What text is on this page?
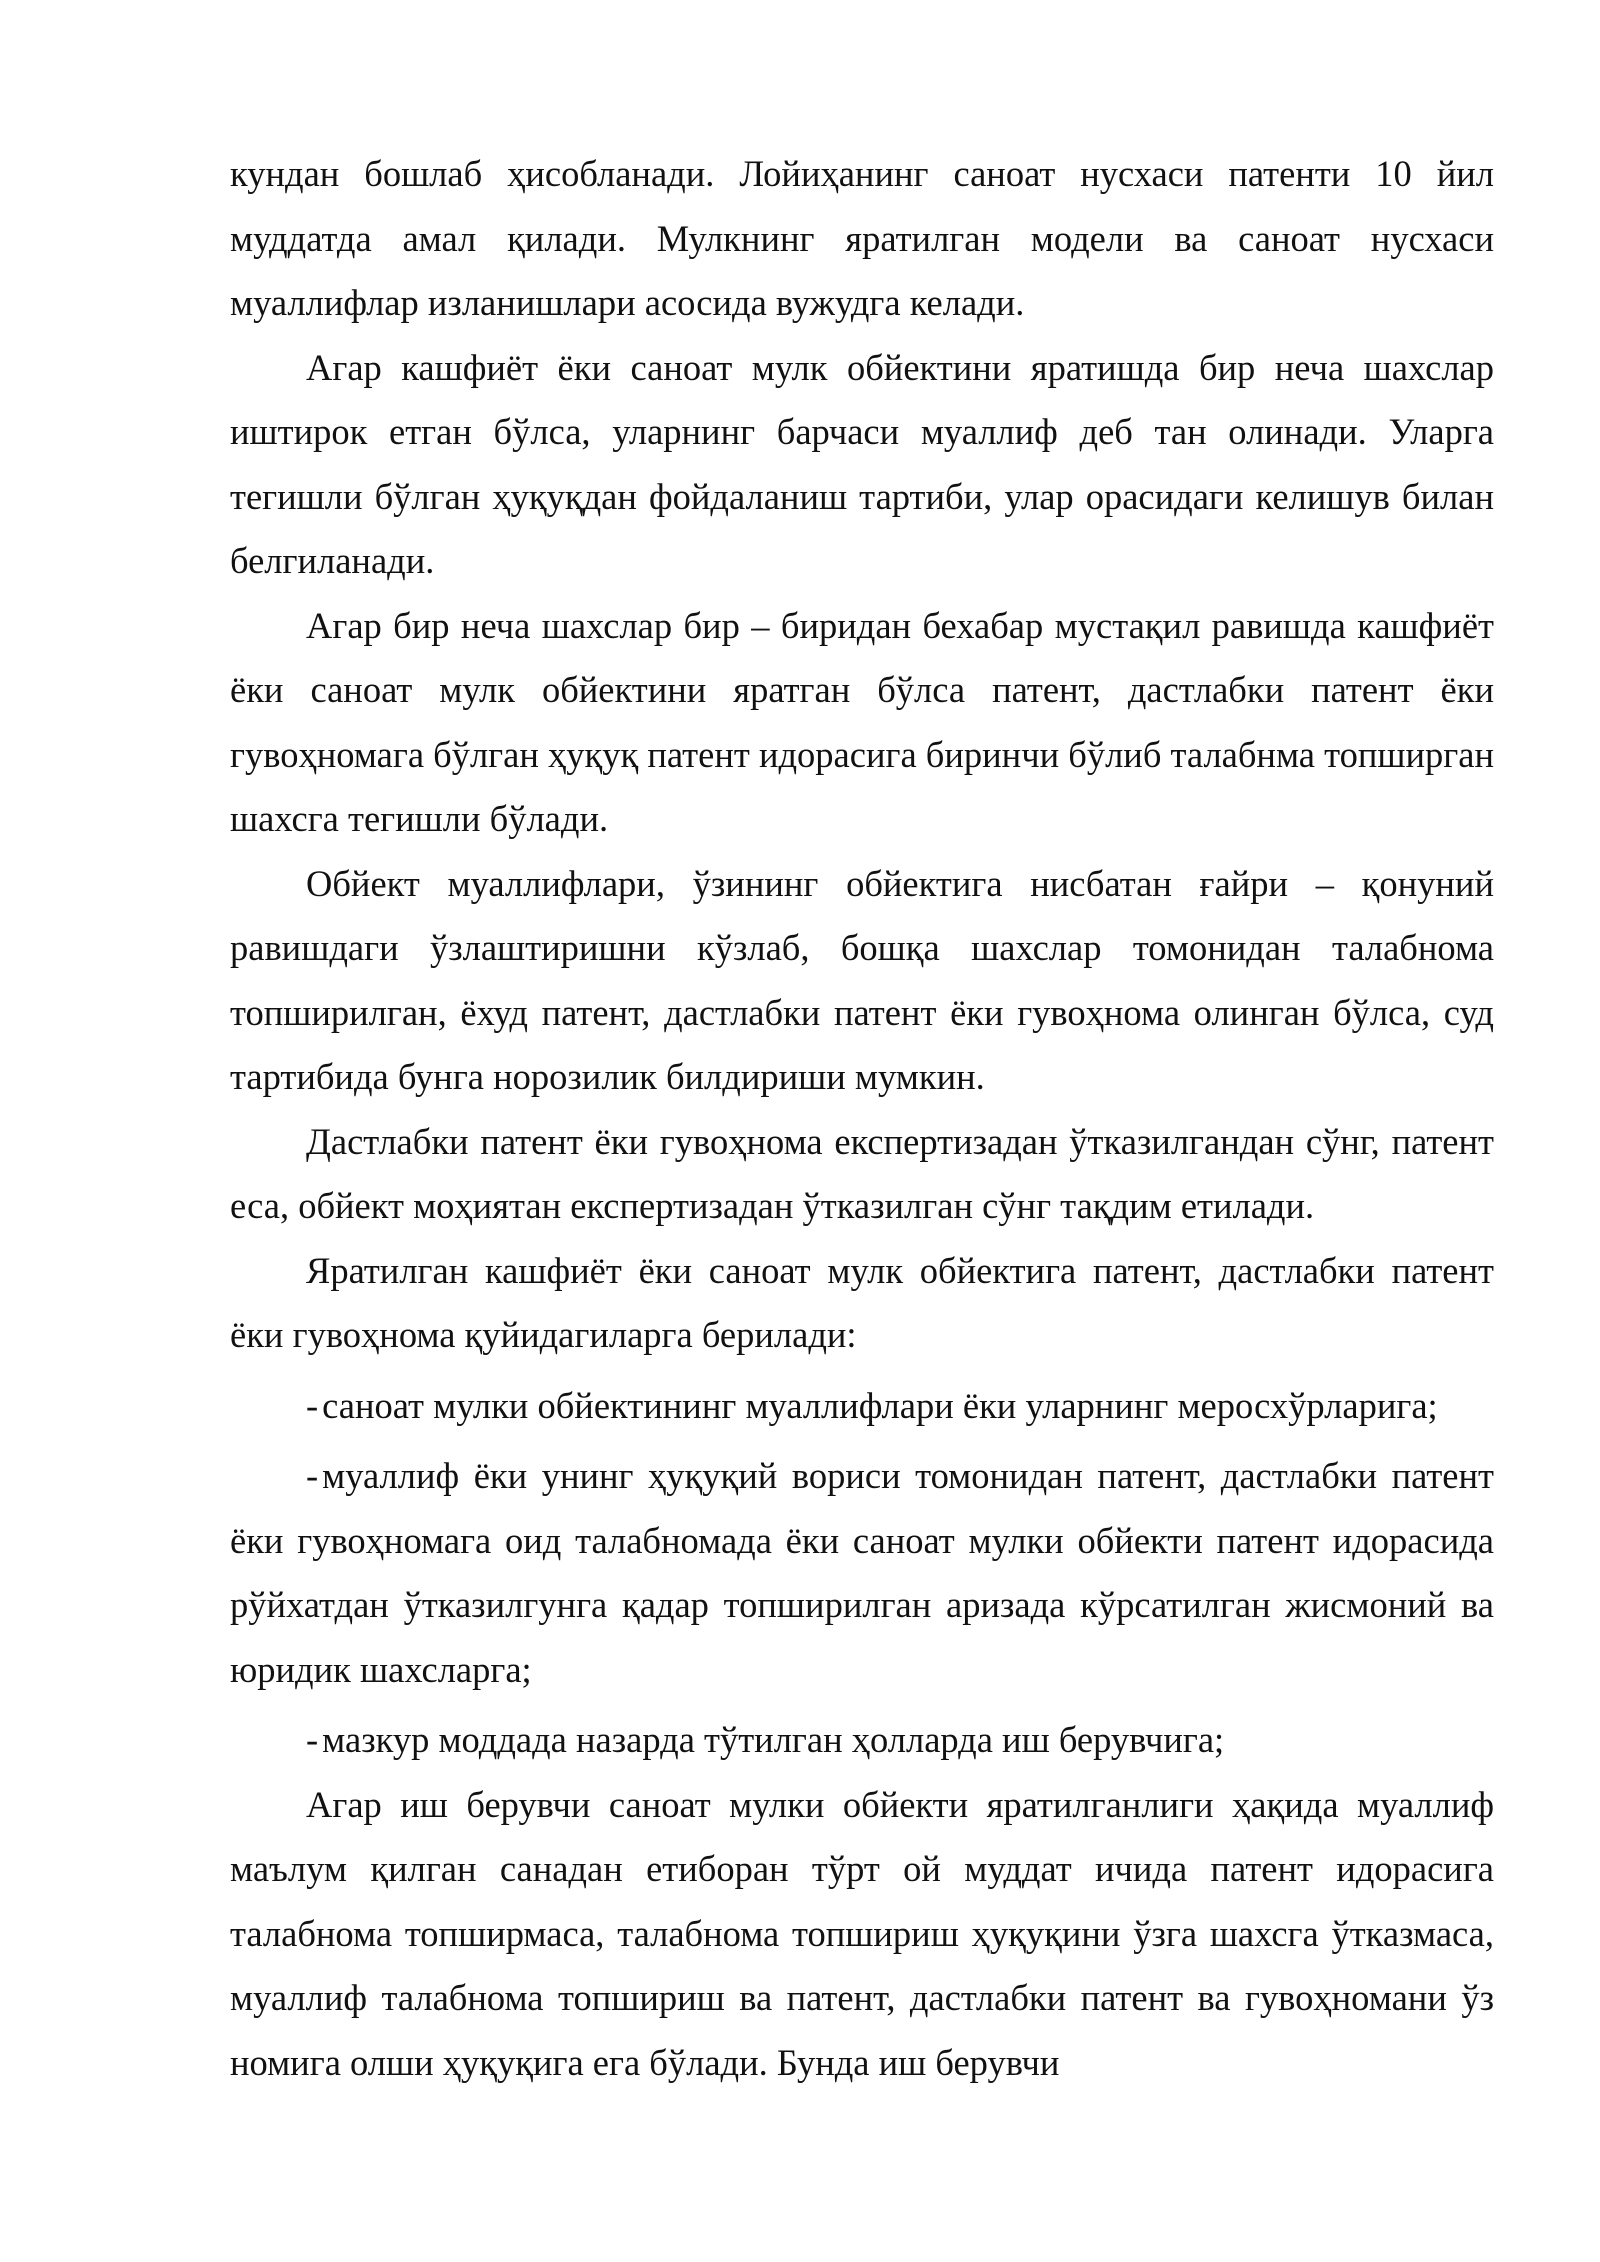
кундан бошлаб ҳисобланади. Лойиҳанинг саноат нусхаси патенти 10 йил муддатда амал қилади. Мулкнинг яратилган модели ва саноат нусхаси муаллифлар изланишлари асосида вужудга келади.

Агар кашфиёт ёки саноат мулк обйектини яратишда бир неча шахслар иштирок етган бўлса, уларнинг барчаси муаллиф деб тан олинади. Уларга тегишли бўлган ҳуқуқдан фойдаланиш тартиби, улар орасидаги келишув билан белгиланади.

Агар бир неча шахслар бир – биридан бехабар мустақил равишда кашфиёт ёки саноат мулк обйектини яратган бўлса патент, дастлабки патент ёки гувоҳномага бўлган ҳуқуқ патент идорасига биринчи бўлиб талабнма топширган шахсга тегишли бўлади.

Обйект муаллифлари, ўзининг обйектига нисбатан ғайри – қонуний равишдаги ўзлаштиришни кўзлаб, бошқа шахслар томонидан талабнома топширилган, ёхуд патент, дастлабки патент ёки гувоҳнома олинган бўлса, суд тартибида бунга норозилик билдириши мумкин.

Дастлабки патент ёки гувоҳнома експертизадан ўтказилгандан сўнг, патент еса, обйект моҳиятан експертизадан ўтказилган сўнг тақдим етилади.

Яратилган кашфиёт ёки саноат мулк обйектига патент, дастлабки патент ёки гувоҳнома қуйидагиларга берилади:

- саноат мулки обйектининг муаллифлари ёки уларнинг меросхўрларига;

- муаллиф ёки унинг ҳуқуқий вориси томонидан патент, дастлабки патент ёки гувоҳномага оид талабномада ёки саноат мулки обйекти патент идорасида рўйхатдан ўтказилгунга қадар топширилган аризада кўрсатилган жисмоний ва юридик шахсларга;

- мазкур моддада назарда тўтилган ҳолларда иш берувчига;

Агар иш берувчи саноат мулки обйекти яратилганлиги ҳақида муаллиф маълум қилган санадан етибоpан тўрт ой муддат ичида патент идорасига талабнома топширмаса, талабнома топшириш ҳуқуқини ўзга шахсга ўтказмаса, муаллиф талабнома топшириш ва патент, дастлабки патент ва гувоҳномани ўз номига олши ҳуқуқига ега бўлади. Бунда иш берувчи
